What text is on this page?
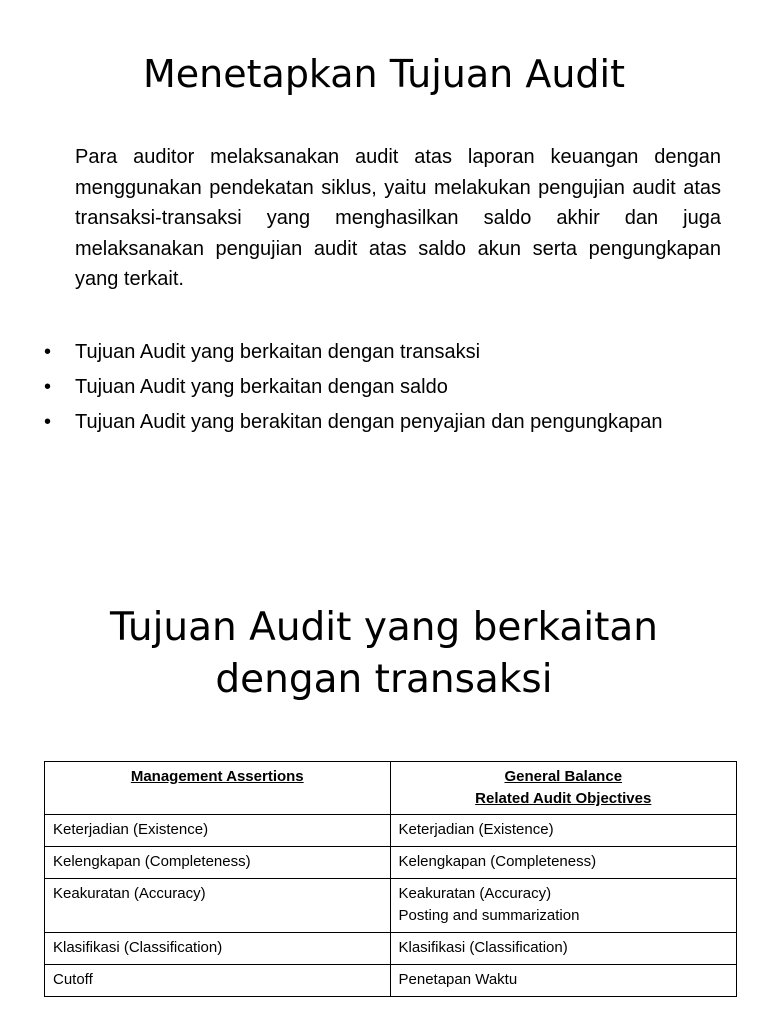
Menetapkan Tujuan Audit

Para auditor melaksanakan audit atas laporan keuangan dengan menggunakan pendekatan siklus, yaitu melakukan pengujian audit atas transaksi-transaksi yang menghasilkan saldo akhir dan juga melaksanakan pengujian audit atas saldo akun serta pengungkapan yang terkait.

•	Tujuan Audit yang berkaitan dengan transaksi
•	Tujuan Audit yang berkaitan dengan saldo
•	Tujuan Audit yang berakitan dengan penyajian dan pengungkapan
Tujuan Audit yang berkaitan dengan transaksi
Management Assertions	General Balance
Related Audit Objectives

Keterjadian (Existence)	Keterjadian (Existence)
Kelengkapan (Completeness)	Kelengkapan (Completeness)
Keakuratan (Accuracy)	Keakuratan (Accuracy)
Posting and summarization

Klasifikasi (Classification)	Klasifikasi (Classification)
Cutoff	Penetapan Waktu
